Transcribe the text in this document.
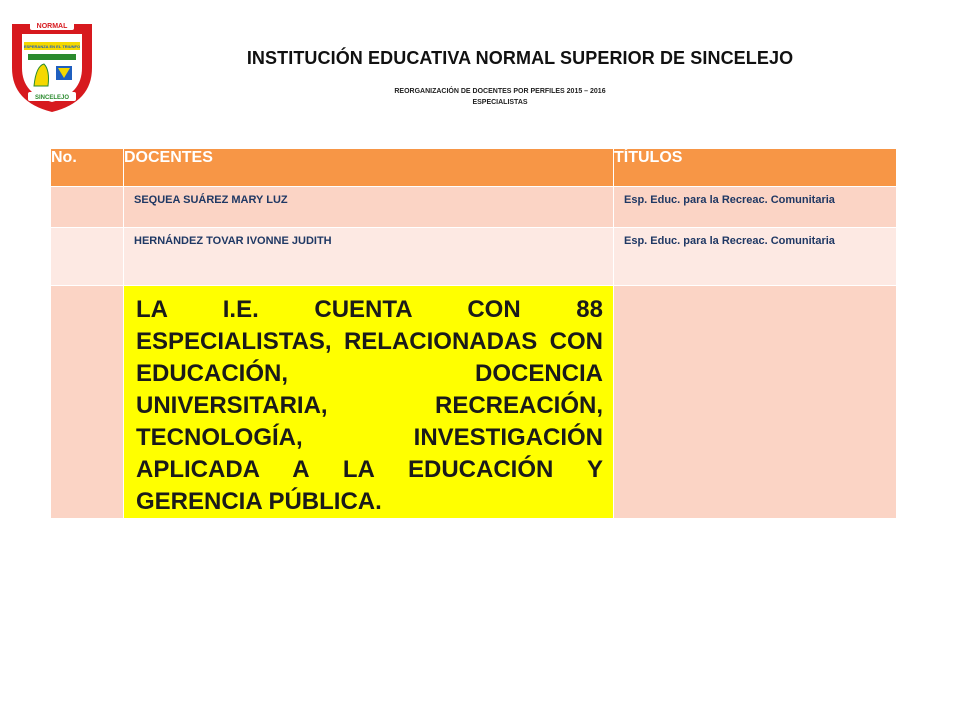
NORMAL
ESPERANZA EN EL TRIUNFO
SINCELEJO
INSTITUCIÓN EDUCATIVA NORMAL SUPERIOR DE SINCELEJO
REORGANIZACIÓN DE DOCENTES POR PERFILES 2015 – 2016
ESPECIALISTAS
No.	DOCENTES	TÍTULOS

	SEQUEA SUÁREZ MARY LUZ	Esp. Educ. para la Recreac. Comunitaria

	HERNÁNDEZ TOVAR IVONNE JUDITH	Esp. Educ. para la Recreac. Comunitaria

	LA I.E. CUENTA CON 88 ESPECIALISTAS, RELACIONADAS CON EDUCACIÓN, DOCENCIA UNIVERSITARIA, RECREACIÓN, TECNOLOGÍA, INVESTIGACIÓN APLICADA A LA EDUCACIÓN Y GERENCIA PÚBLICA.	
